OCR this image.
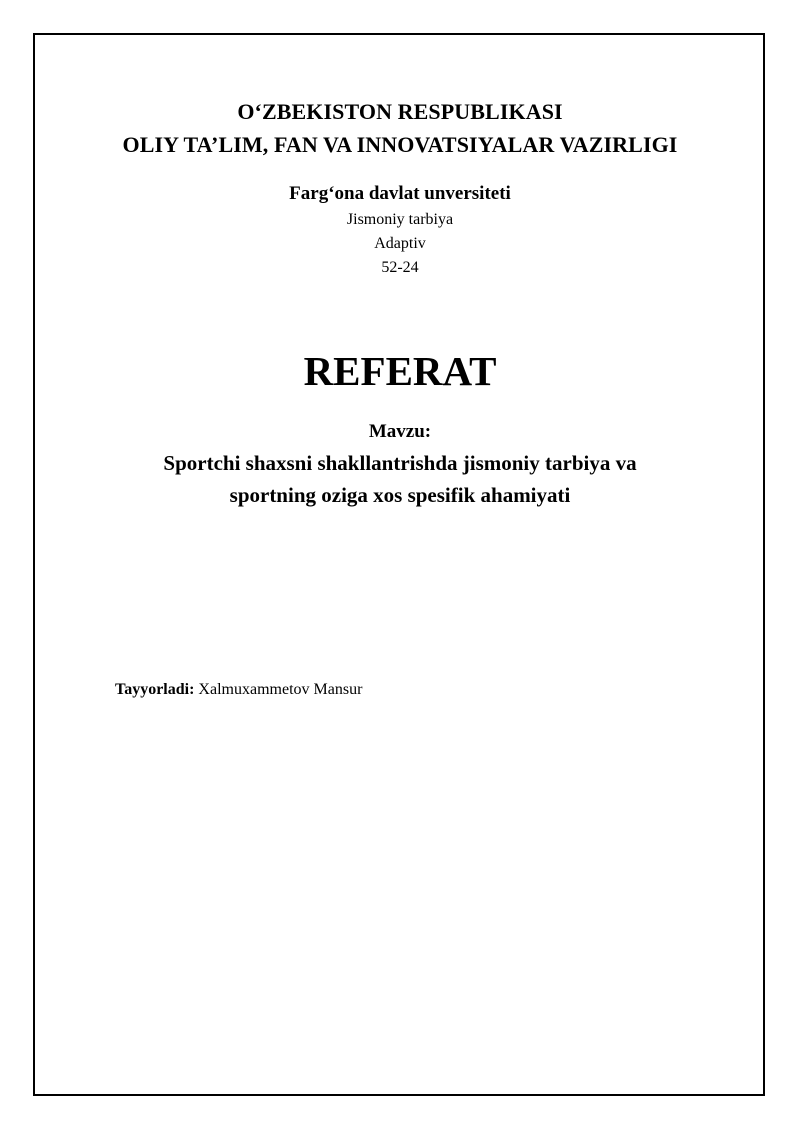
O‘ZBEKISTON RESPUBLIKASI
OLIY TA’LIM, FAN VA INNOVATSIYALAR VAZIRLIGI
Farg‘ona davlat unversiteti
Jismoniy tarbiya
Adaptiv
52-24
REFERAT
Mavzu:
Sportchi shaxsni shakllantrishda jismoniy tarbiya va
sportning oziga xos spesifik ahamiyati
Tayyorladi: Xalmuxammetov Mansur
